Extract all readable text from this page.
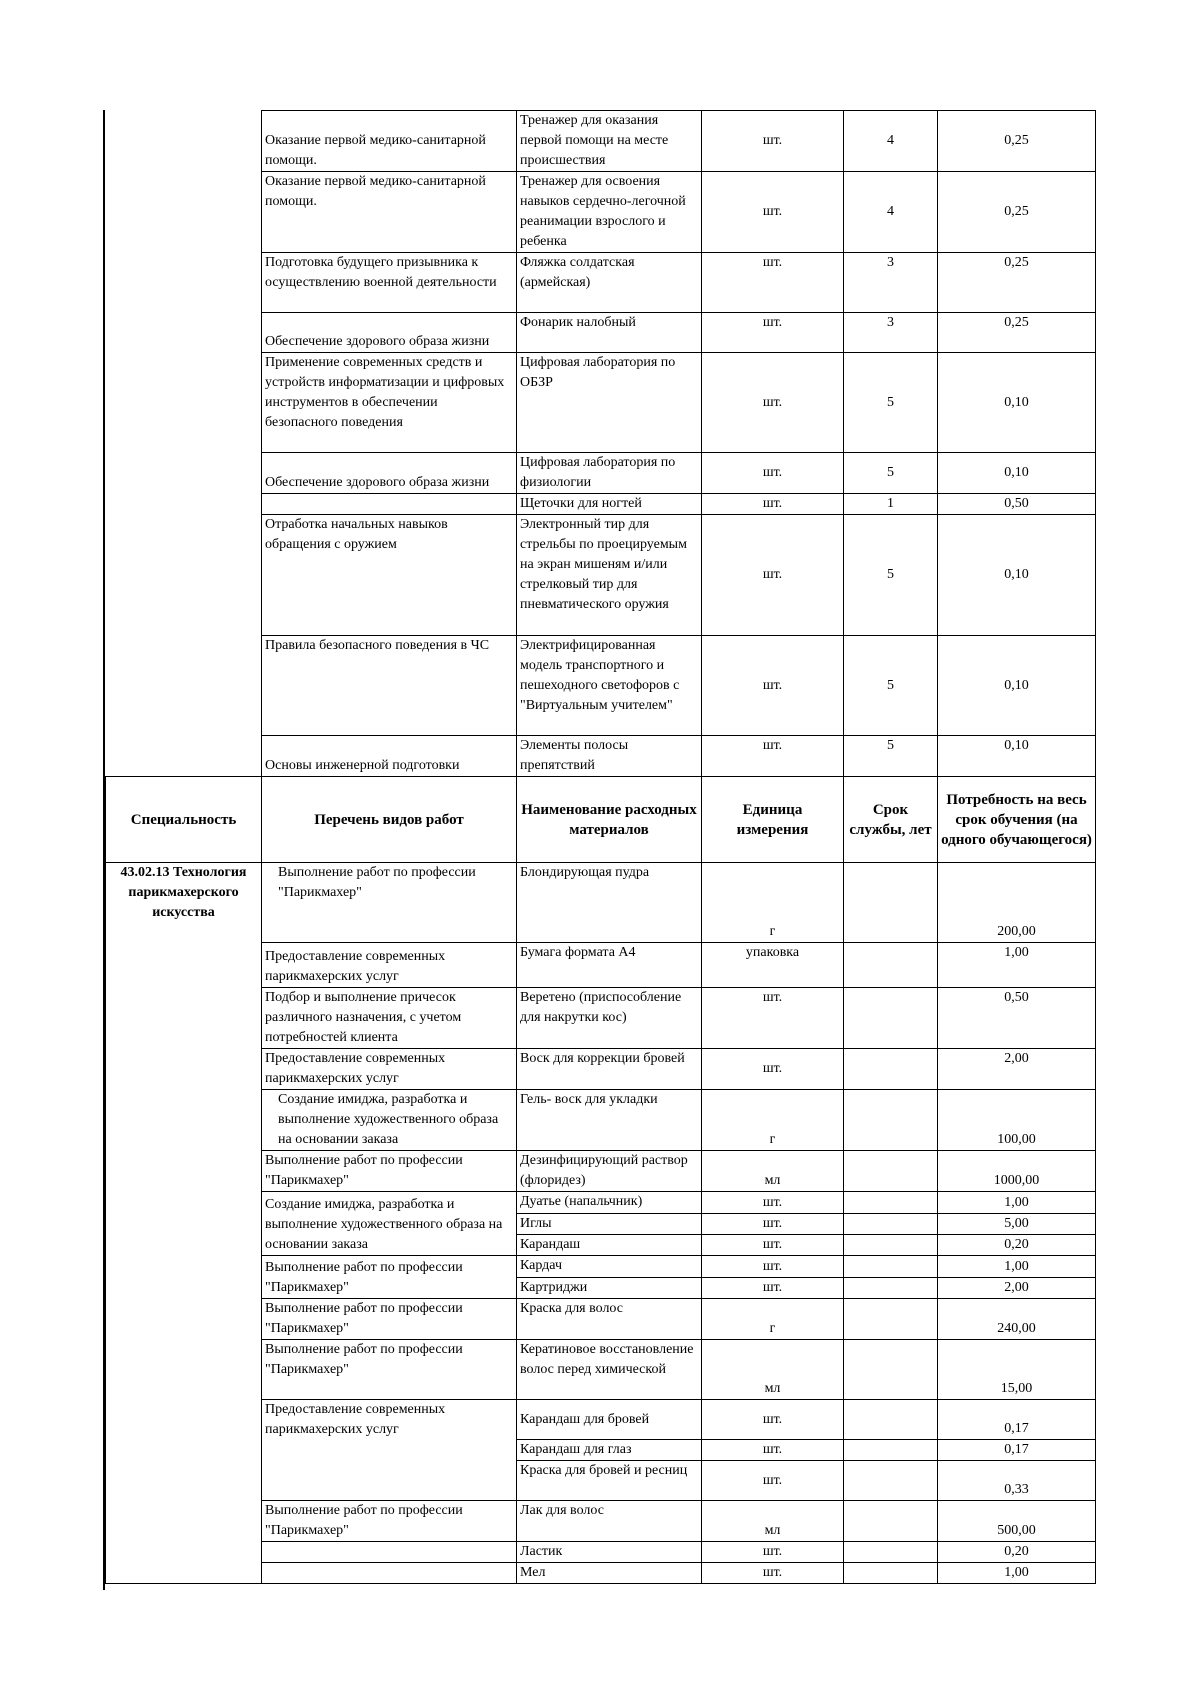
	Оказание первой медико-санитарной помощи.	Тренажер для оказания первой помощи на месте происшествия	шт.	4	0,25
	Оказание первой медико-санитарной помощи.	Тренажер для освоения навыков сердечно-легочной реанимации взрослого и ребенка	шт.	4	0,25
	Подготовка будущего призывника к осуществлению военной деятельности	Фляжка солдатская (армейская)	шт.	3	0,25
	Обеспечение здорового образа жизни	Фонарик налобный	шт.	3	0,25
	Применение современных средств и устройств информатизации и цифровых инструментов в обеспечении безопасного поведения	Цифровая лаборатория по ОБЗР	шт.	5	0,10
	Обеспечение здорового образа жизни	Цифровая лаборатория по физиологии	шт.	5	0,10
		Щеточки для ногтей	шт.	1	0,50
	Отработка начальных навыков обращения с оружием	Электронный тир для стрельбы по проецируемым на экран мишеням и/или стрелковый тир для пневматического оружия	шт.	5	0,10
	Правила безопасного поведения в ЧС	Электрифицированная модель транспортного и пешеходного светофоров с "Виртуальным учителем"	шт.	5	0,10
	Основы инженерной подготовки	Элементы полосы препятствий	шт.	5	0,10
Специальность	Перечень видов работ	Наименование расходных материалов	Единица измерения	Срок службы, лет	Потребность на весь срок обучения (на одного обучающегося)
43.02.13 Технология парикмахерского искусства	Выполнение работ по профессии "Парикмахер"	Блондирующая пудра	г		200,00
	Предоставление современных парикмахерских услуг	Бумага формата А4	упаковка		1,00
	Подбор и выполнение причесок различного назначения, с учетом потребностей клиента	Веретено (приспособление для накрутки кос)	шт.		0,50
	Предоставление современных парикмахерских услуг	Воск для коррекции бровей	шт.		2,00
	Создание имиджа, разработка и выполнение художественного образа на основании заказа	Гель- воск для укладки	г		100,00
	Выполнение работ по профессии "Парикмахер"	Дезинфицирующий раствор (флоридез)	мл		1000,00
	Создание имиджа, разработка и выполнение художественного образа на основании заказа	Дуатье (напальчник)	шт.		1,00
		Иглы	шт.		5,00
		Карандаш	шт.		0,20
	Выполнение работ по профессии "Парикмахер"	Кардач	шт.		1,00
		Картриджи	шт.		2,00
	Выполнение работ по профессии "Парикмахер"	Краска для волос	г		240,00
	Выполнение работ по профессии "Парикмахер"	Кератиновое восстановление волос перед химической	мл		15,00
	Предоставление современных парикмахерских услуг	Карандаш для бровей	шт.		0,17
		Карандаш для глаз	шт.		0,17
		Краска для бровей и ресниц	шт.		0,33
	Выполнение работ по профессии "Парикмахер"	Лак для волос	мл		500,00
		Ластик	шт.		0,20
		Мел	шт.		1,00
